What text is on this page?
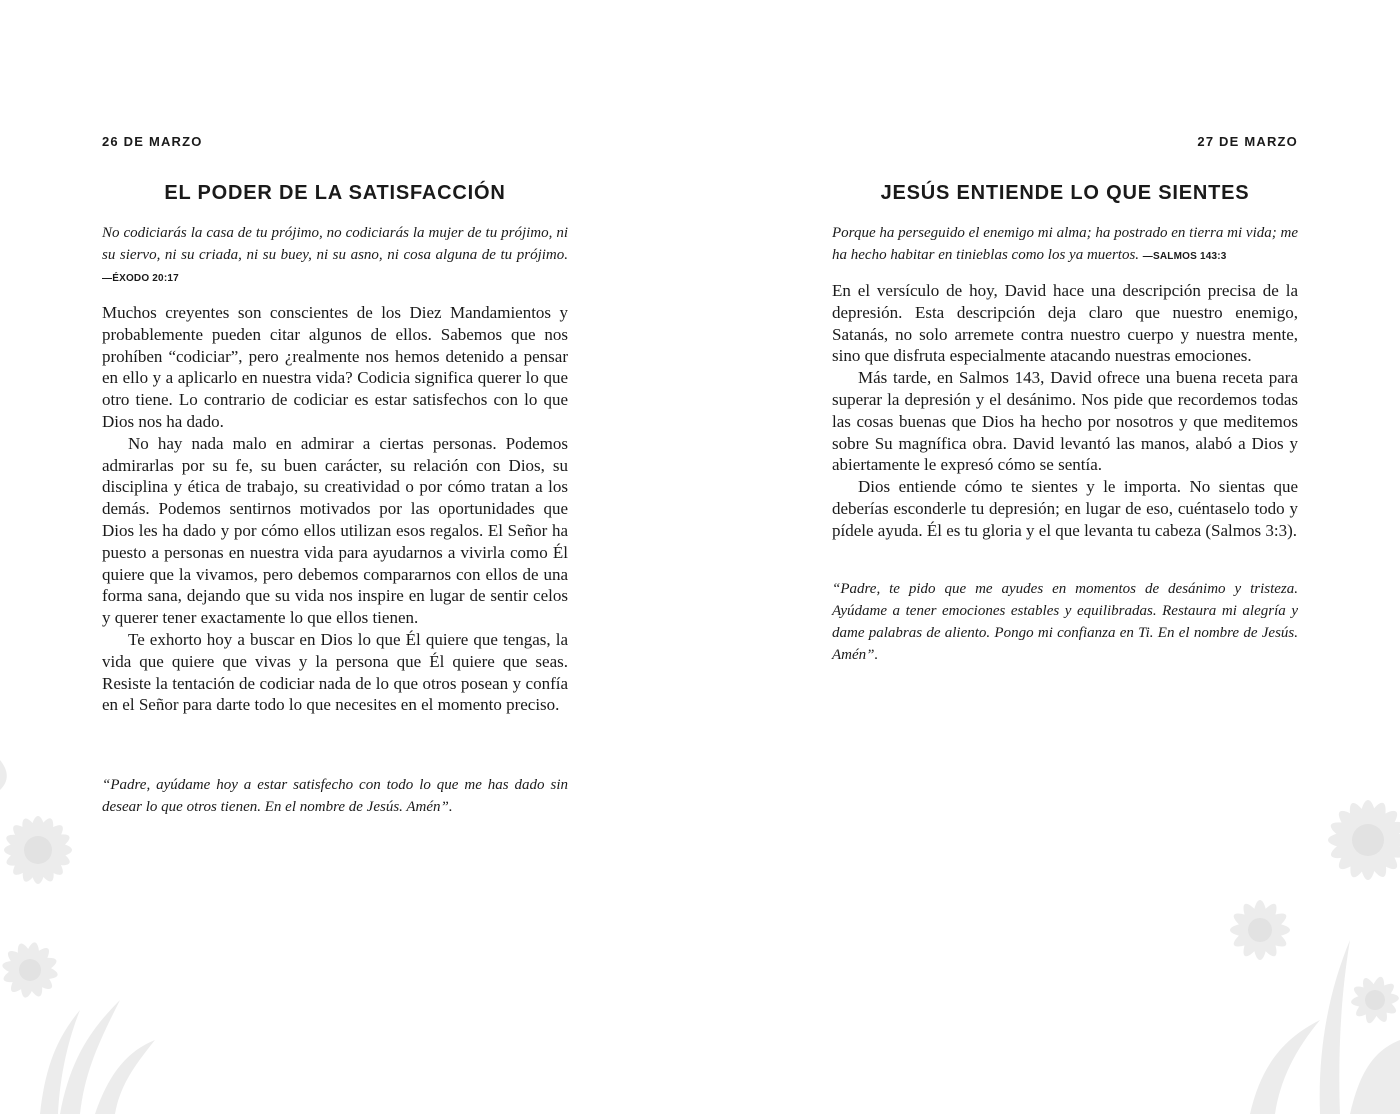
26 DE MARZO
EL PODER DE LA SATISFACCIÓN

No codiciarás la casa de tu prójimo, no codiciarás la mujer de tu prójimo, ni su siervo, ni su criada, ni su buey, ni su asno, ni cosa alguna de tu prójimo. —ÉXODO 20:17

Muchos creyentes son conscientes de los Diez Mandamientos y probablemente pueden citar algunos de ellos. Sabemos que nos prohíben “codiciar”, pero ¿realmente nos hemos detenido a pensar en ello y a aplicarlo en nuestra vida? Codicia significa querer lo que otro tiene. Lo contrario de codiciar es estar satisfechos con lo que Dios nos ha dado.

No hay nada malo en admirar a ciertas personas. Podemos admirarlas por su fe, su buen carácter, su relación con Dios, su disciplina y ética de trabajo, su creatividad o por cómo tratan a los demás. Podemos sentirnos motivados por las oportunidades que Dios les ha dado y por cómo ellos utilizan esos regalos. El Señor ha puesto a personas en nuestra vida para ayudarnos a vivirla como Él quiere que la vivamos, pero debemos compararnos con ellos de una forma sana, dejando que su vida nos inspire en lugar de sentir celos y querer tener exactamente lo que ellos tienen.

Te exhorto hoy a buscar en Dios lo que Él quiere que tengas, la vida que quiere que vivas y la persona que Él quiere que seas. Resiste la tentación de codiciar nada de lo que otros posean y confía en el Señor para darte todo lo que necesites en el momento preciso.

“Padre, ayúdame hoy a estar satisfecho con todo lo que me has dado sin desear lo que otros tienen. En el nombre de Jesús. Amén”.

27 DE MARZO
JESÚS ENTIENDE LO QUE SIENTES

Porque ha perseguido el enemigo mi alma; ha postrado en tierra mi vida; me ha hecho habitar en tinieblas como los ya muertos. —SALMOS 143:3

En el versículo de hoy, David hace una descripción precisa de la depresión. Esta descripción deja claro que nuestro enemigo, Satanás, no solo arremete contra nuestro cuerpo y nuestra mente, sino que disfruta especialmente atacando nuestras emociones.

Más tarde, en Salmos 143, David ofrece una buena receta para superar la depresión y el desánimo. Nos pide que recordemos todas las cosas buenas que Dios ha hecho por nosotros y que meditemos sobre Su magnífica obra. David levantó las manos, alabó a Dios y abiertamente le expresó cómo se sentía.

Dios entiende cómo te sientes y le importa. No sientas que deberías esconderle tu depresión; en lugar de eso, cuéntaselo todo y pídele ayuda. Él es tu gloria y el que levanta tu cabeza (Salmos 3:3).

“Padre, te pido que me ayudes en momentos de desánimo y tristeza. Ayúdame a tener emociones estables y equilibradas. Restaura mi alegría y dame palabras de aliento. Pongo mi confianza en Ti. En el nombre de Jesús. Amén”.
